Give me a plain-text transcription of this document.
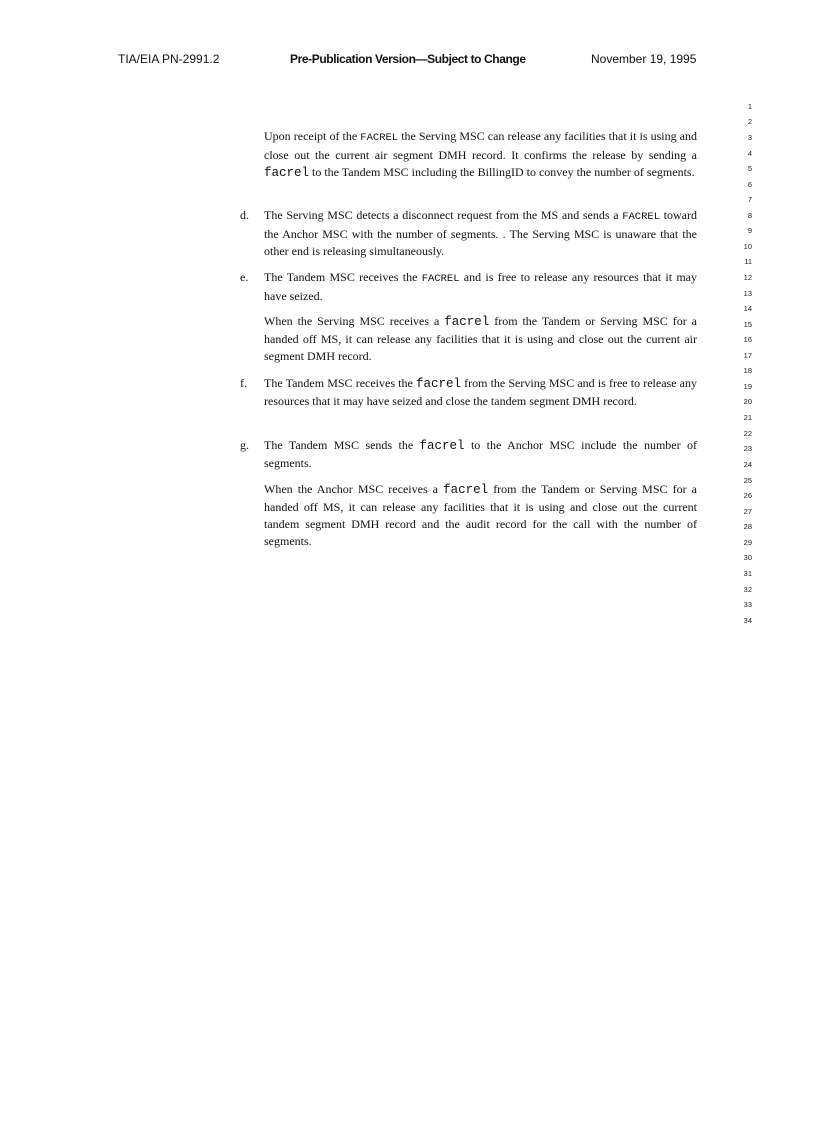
TIA/EIA PN-2991.2	Pre-Publication Version—Subject to Change	November 19, 1995
1
2
3
4
5
6
7
8
9
10
11
12
13
14
15
16
17
18
19
20
21
22
23
24
25
26
27
28
29
30
31
32
33
34
Upon receipt of the FACREL the Serving MSC can release any facilities that it is using and close out the current air segment DMH record. It confirms the release by sending a facrel to the Tandem MSC including the BillingID to convey the number of segments.
d. The Serving MSC detects a disconnect request from the MS and sends a FACREL toward the Anchor MSC with the number of segments. . The Serving MSC is unaware that the other end is releasing simultaneously.
e. The Tandem MSC receives the FACREL and is free to release any resources that it may have seized.
When the Serving MSC receives a facrel from the Tandem or Serving MSC for a handed off MS, it can release any facilities that it is using and close out the current air segment DMH record.
f. The Tandem MSC receives the facrel from the Serving MSC and is free to release any resources that it may have seized and close the tandem segment DMH record.
g. The Tandem MSC sends the facrel to the Anchor MSC include the number of segments.
When the Anchor MSC receives a facrel from the Tandem or Serving MSC for a handed off MS, it can release any facilities that it is using and close out the current tandem segment DMH record and the audit record for the call with the number of segments.
